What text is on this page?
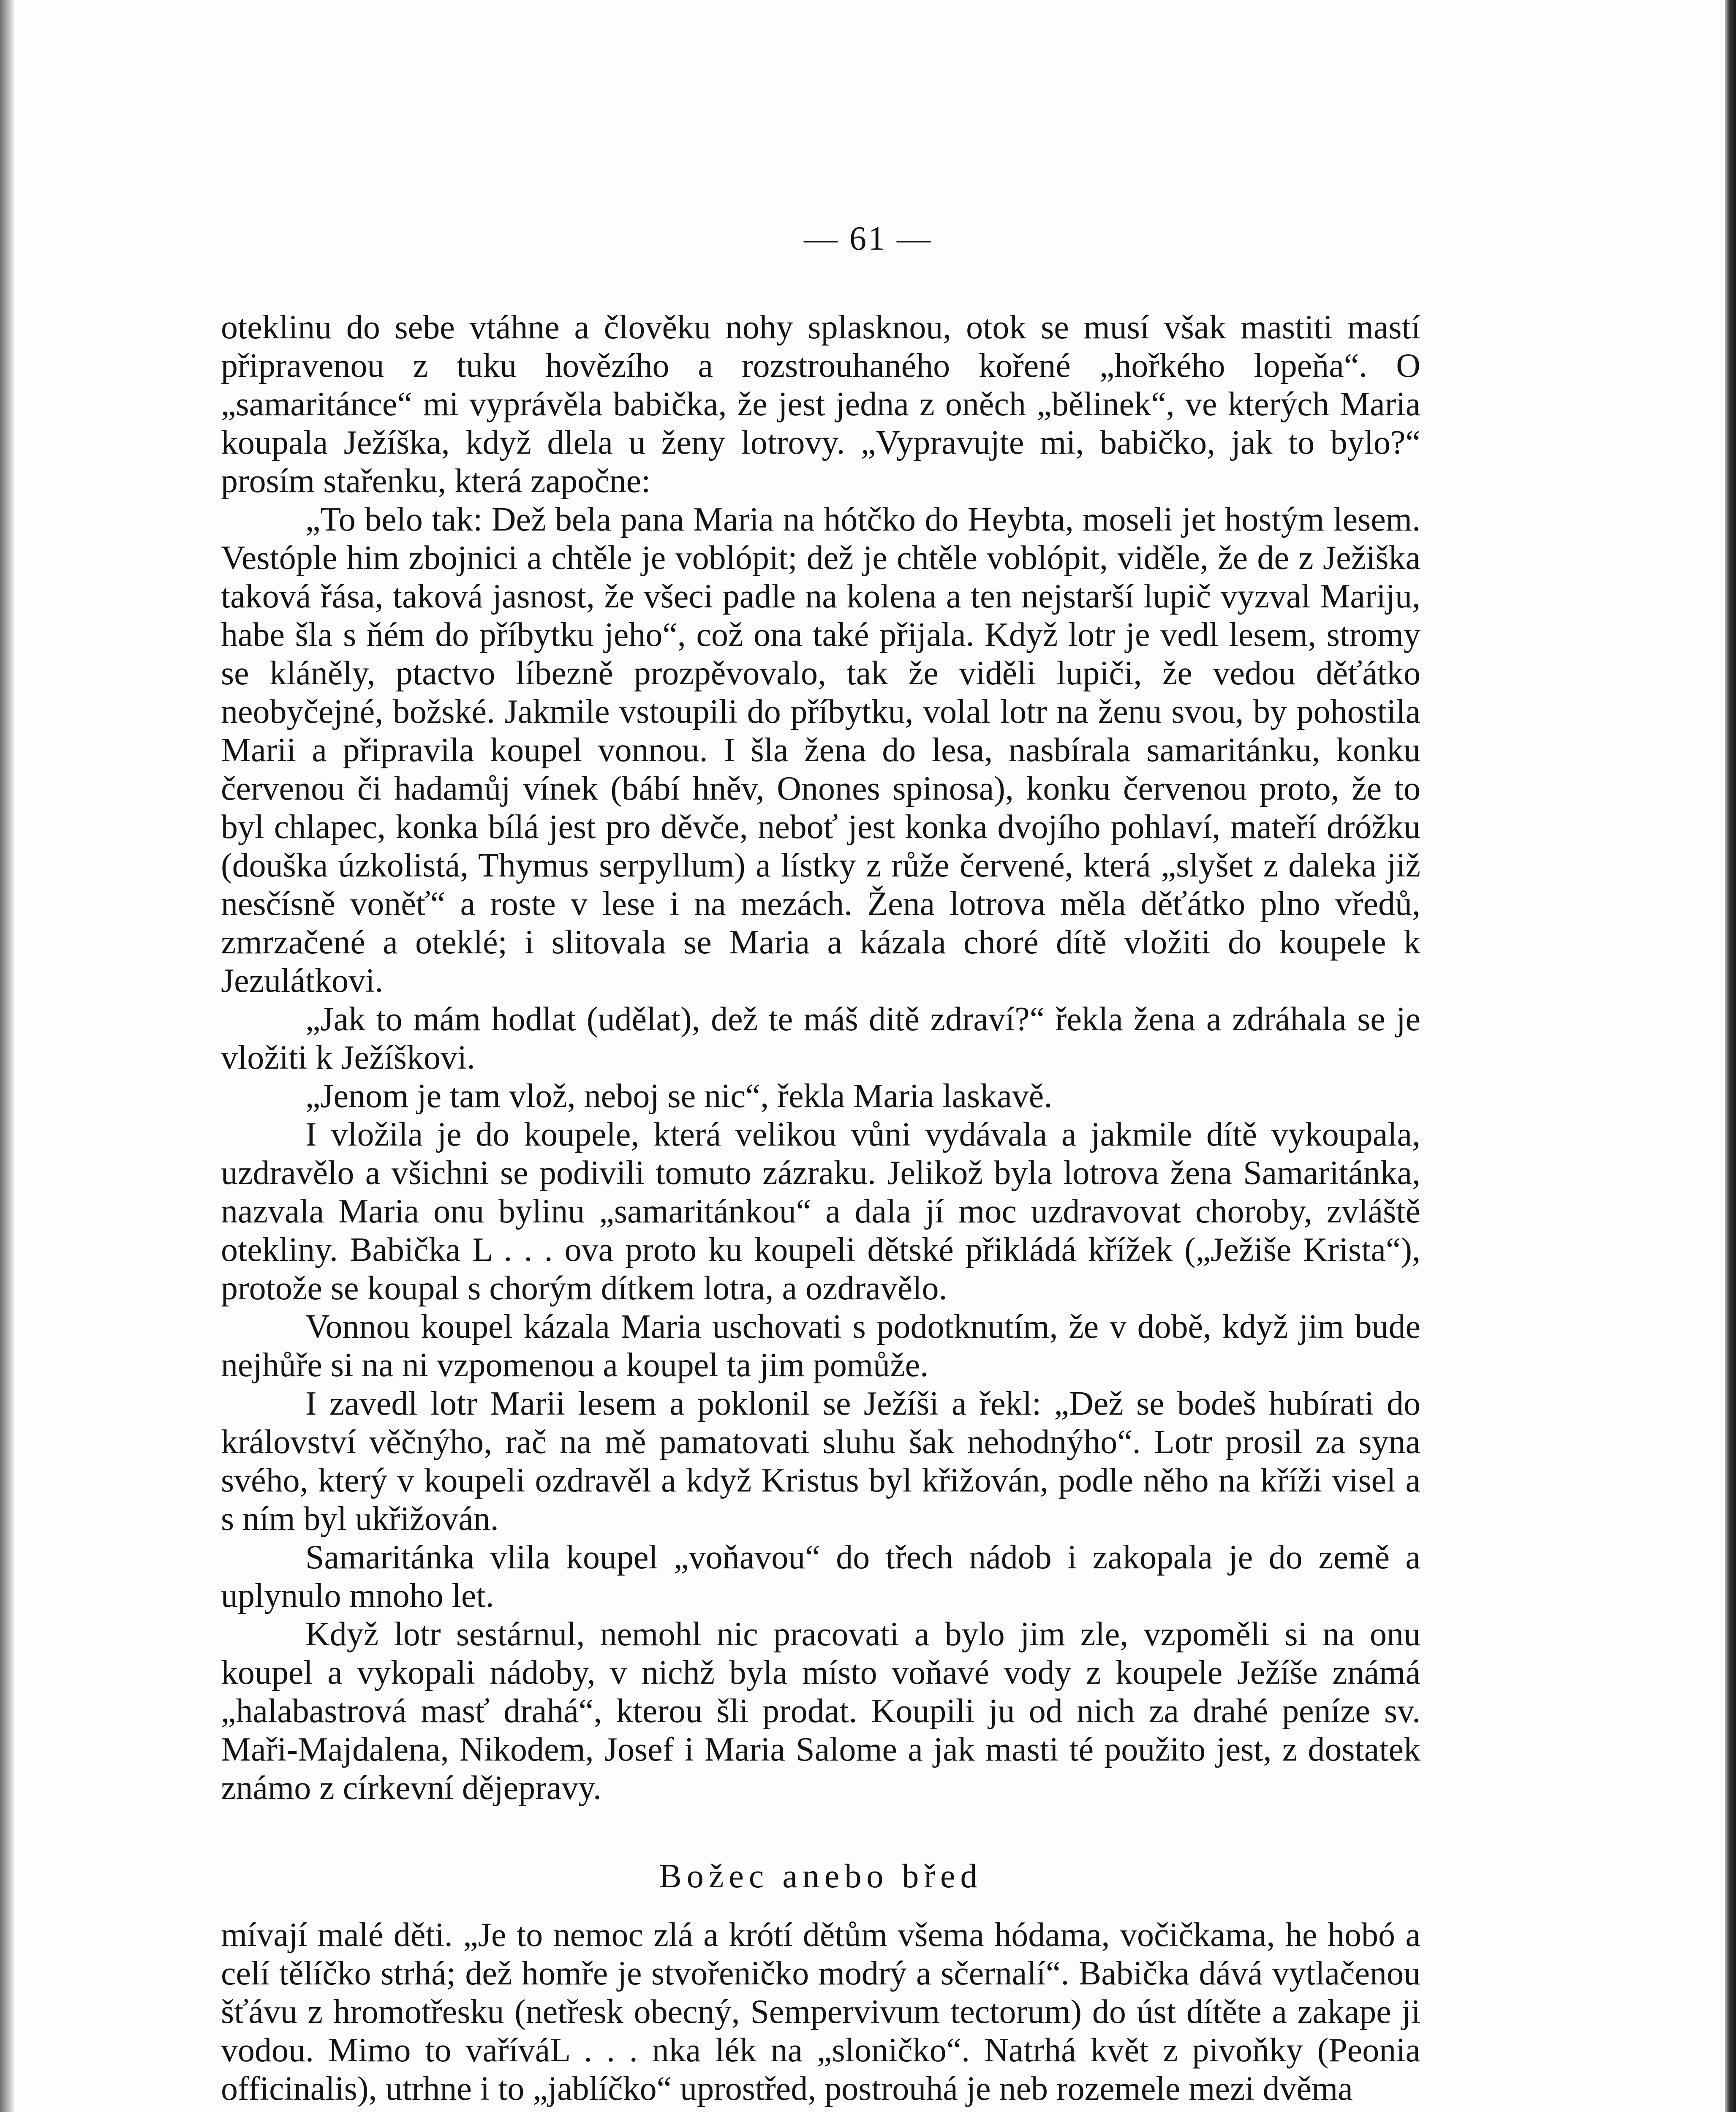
— 61 —

oteklinu do sebe vtáhne a člověku nohy splasknou, otok se musí však mastiti mastí připravenou z tuku hovězího a rozstrouhaného kořené „hořkého lopeňa“. O „samaritánce“ mi vyprávěla babička, že jest jedna z oněch „bělinek“, ve kterých Maria koupala Ježíška, když dlela u ženy lotrovy. „Vypravujte mi, babičko, jak to bylo?“ prosím stařenku, která započne:

„To belo tak: Dež bela pana Maria na hótčko do Heybta, moseli jet hostým lesem. Vestóple him zbojnici a chtěle je voblópit; dež je chtěle voblópit, viděle, že de z Ježiška taková řása, taková jasnost, že všeci padle na kolena a ten nejstarší lupič vyzval Mariju, habe šla s ňém do příbytku jeho“, což ona také přijala. Když lotr je vedl lesem, stromy se kláněly, ptactvo líbezně prozpěvovalo, tak že viděli lupiči, že vedou děťátko neobyčejné, božské. Jakmile vstoupili do příbytku, volal lotr na ženu svou, by pohostila Marii a připravila koupel vonnou. I šla žena do lesa, nasbírala samaritánku, konku červenou či hadamůj vínek (bábí hněv, Onones spinosa), konku červenou proto, že to byl chlapec, konka bílá jest pro děvče, neboť jest konka dvojího pohlaví, mateří dróžku (douška úzkolistá, Thymus serpyllum) a lístky z růže červené, která „slyšet z daleka již nesčísně voněť“ a roste v lese i na mezách. Žena lotrova měla děťátko plno vředů, zmrzačené a oteklé; i slitovala se Maria a kázala choré dítě vložiti do koupele k Jezulátkovi.

„Jak to mám hodlat (udělat), dež te máš ditě zdraví?“ řekla žena a zdráhala se je vložiti k Ježíškovi.

„Jenom je tam vlož, neboj se nic“, řekla Maria laskavě.

I vložila je do koupele, která velikou vůni vydávala a jakmile dítě vykoupala, uzdravělo a všichni se podivili tomuto zázraku. Jelikož byla lotrova žena Samaritánka, nazvala Maria onu bylinu „samaritánkou“ a dala jí moc uzdravovat choroby, zvláště otekliny. Babička L . . . ova proto ku koupeli dětské přikládá křížek („Ježiše Krista“), protože se koupal s chorým dítkem lotra, a ozdravělo.

Vonnou koupel kázala Maria uschovati s podotknutím, že v době, když jim bude nejhůře si na ni vzpomenou a koupel ta jim pomůže.

I zavedl lotr Marii lesem a poklonil se Ježíši a řekl: „Dež se bodeš hubírati do království věčnýho, rač na mě pamatovati sluhu šak nehodnýho“. Lotr prosil za syna svého, který v koupeli ozdravěl a když Kristus byl křižován, podle něho na kříži visel a s ním byl ukřižován.

Samaritánka vlila koupel „voňavou“ do třech nádob i zakopala je do země a uplynulo mnoho let.

Když lotr sestárnul, nemohl nic pracovati a bylo jim zle, vzpoměli si na onu koupel a vykopali nádoby, v nichž byla místo voňavé vody z koupele Ježíše známá „halabastrová masť drahá“, kterou šli prodat. Koupili ju od nich za drahé peníze sv. Maři-Majdalena, Nikodem, Josef i Maria Salome a jak masti té použito jest, z dostatek známo z církevní dějepravy.

Božec anebo břed

mívají malé děti. „Je to nemoc zlá a krótí dětům všema hódama, vočičkama, he hobó a celí tělíčko strhá; dež homře je stvořeničko modrý a sčernalí“. Babička dává vytlačenou šťávu z hromotřesku (netřesk obecný, Sempervivum tectorum) do úst dítěte a zakape ji vodou. Mimo to vaříváL . . . nka lék na „sloničko“. Natrhá květ z pivoňky (Peonia officinalis), utrhne i to „jablíčko“ uprostřed, postrouhá je neb rozemele mezi dvěma
